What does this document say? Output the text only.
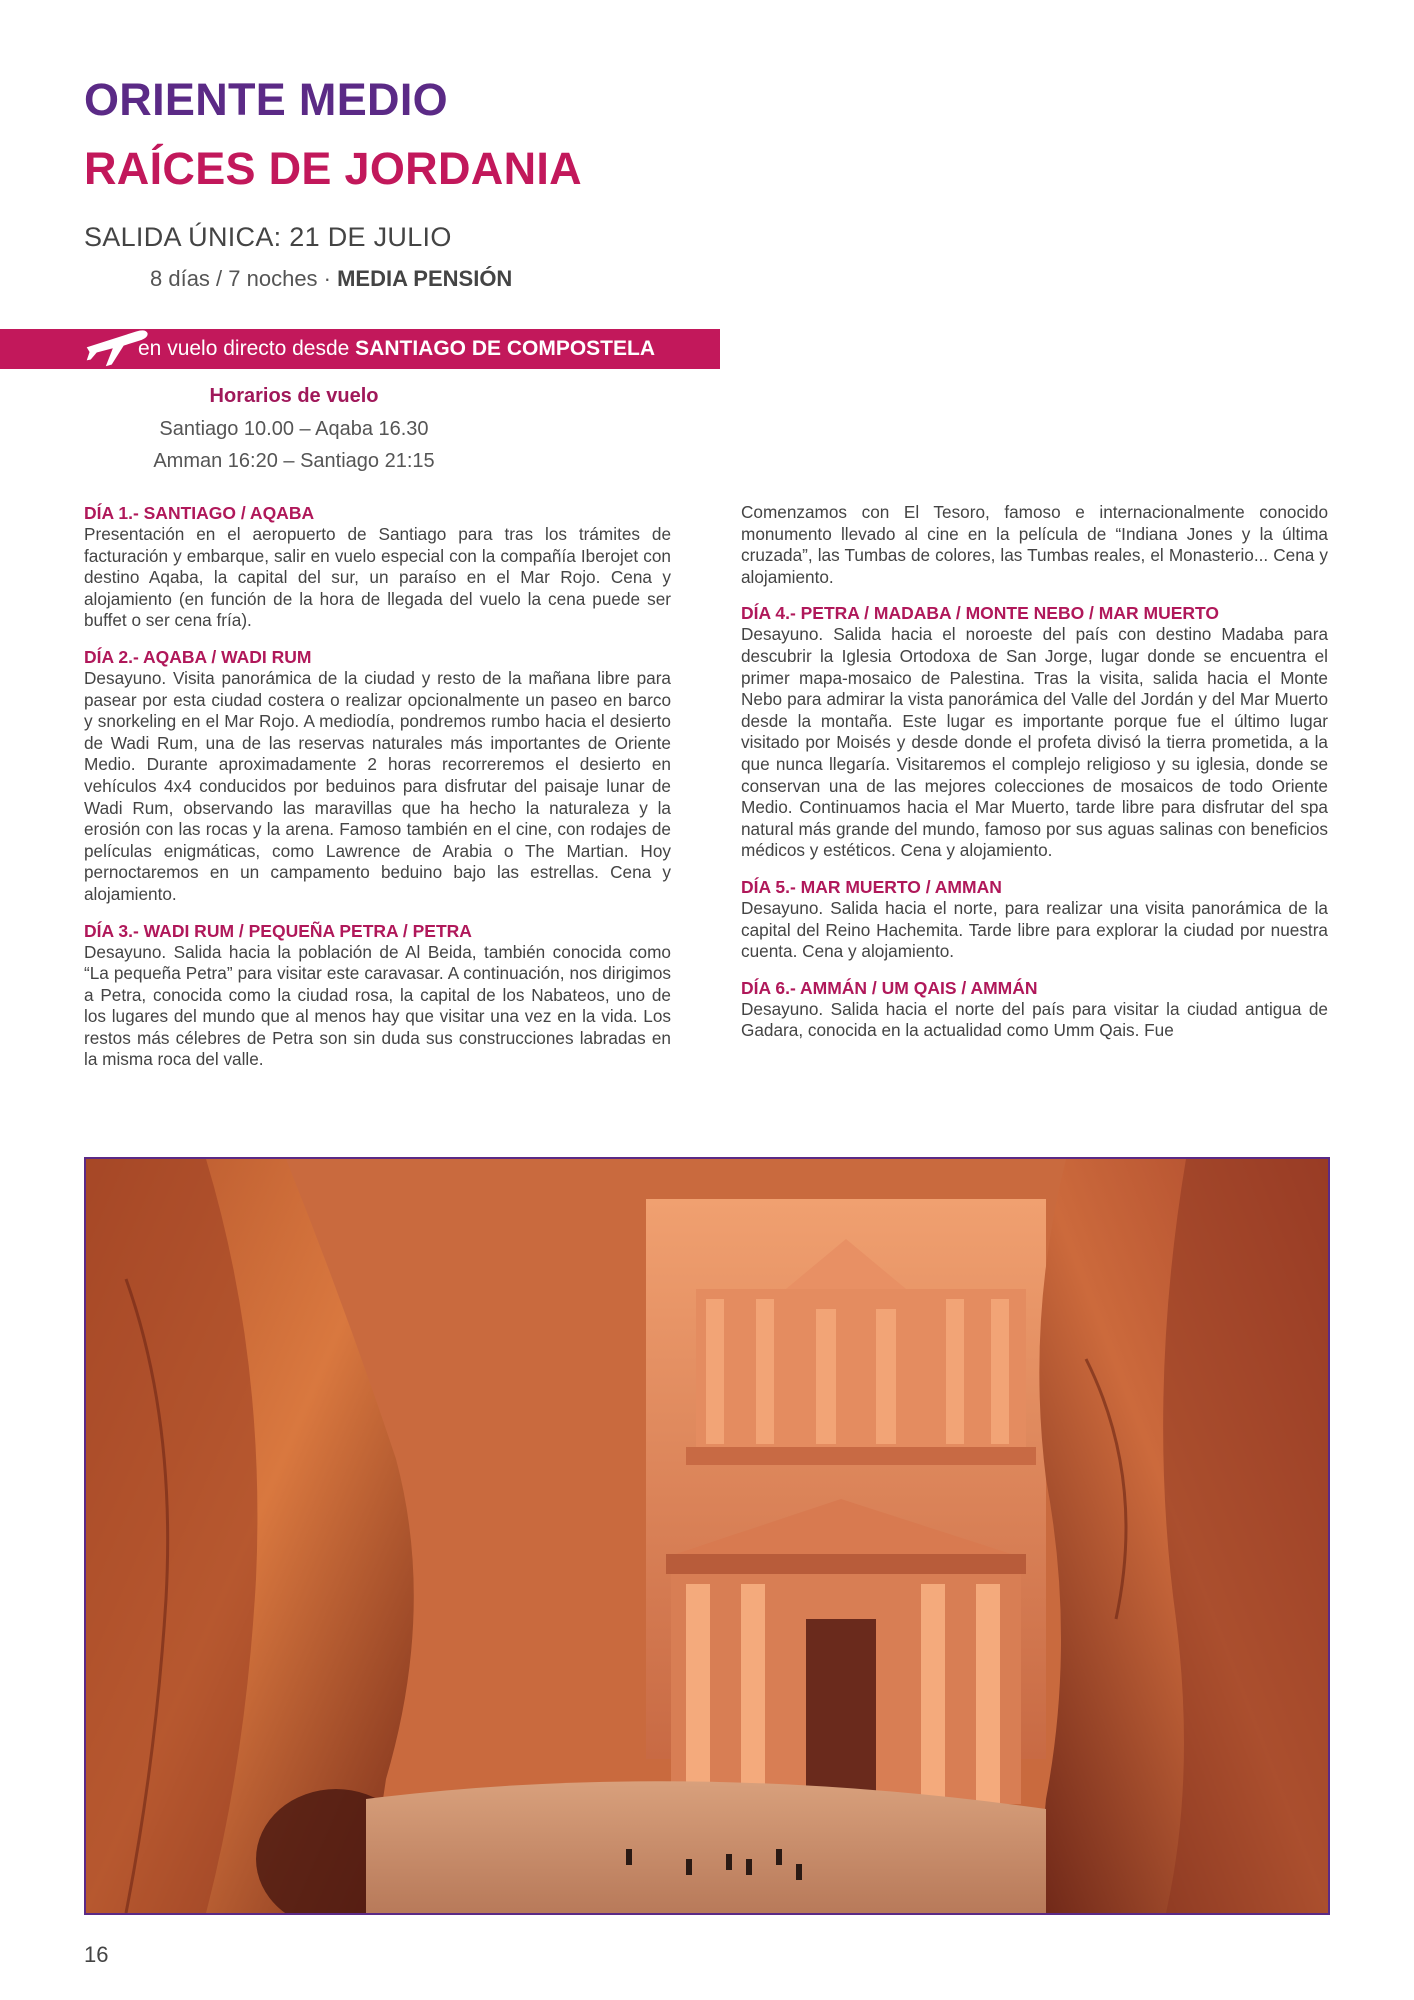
ORIENTE MEDIO
RAÍCES DE JORDANIA
SALIDA ÚNICA: 21 DE JULIO
8 días / 7 noches · MEDIA PENSIÓN
en vuelo directo desde SANTIAGO DE COMPOSTELA
Horarios de vuelo
Santiago 10.00 – Aqaba 16.30
Amman 16:20 – Santiago 21:15
DÍA 1.- SANTIAGO / AQABA

Presentación en el aeropuerto de Santiago para tras los trámites de facturación y embarque, salir en vuelo especial con la compañía Iberojet con destino Aqaba, la capital del sur, un paraíso en el Mar Rojo. Cena y alojamiento (en función de la hora de llegada del vuelo la cena puede ser buffet o ser cena fría).

DÍA 2.- AQABA / WADI RUM

Desayuno. Visita panorámica de la ciudad y resto de la mañana libre para pasear por esta ciudad costera o realizar opcionalmente un paseo en barco y snorkeling en el Mar Rojo. A mediodía, pondremos rumbo hacia el desierto de Wadi Rum, una de las reservas naturales más importantes de Oriente Medio. Durante aproximadamente 2 horas recorreremos el desierto en vehículos 4x4 conducidos por beduinos para disfrutar del paisaje lunar de Wadi Rum, observando las maravillas que ha hecho la naturaleza y la erosión con las rocas y la arena. Famoso también en el cine, con rodajes de películas enigmáticas, como Lawrence de Arabia o The Martian. Hoy pernoctaremos en un campamento beduino bajo las estrellas. Cena y alojamiento.

DÍA 3.- WADI RUM / PEQUEÑA PETRA / PETRA

Desayuno. Salida hacia la población de Al Beida, también conocida como “La pequeña Petra” para visitar este caravasar. A continuación, nos dirigimos a Petra, conocida como la ciudad rosa, la capital de los Nabateos, uno de los lugares del mundo que al menos hay que visitar una vez en la vida. Los restos más célebres de Petra son sin duda sus construcciones labradas en la misma roca del valle.

Comenzamos con El Tesoro, famoso e internacionalmente conocido monumento llevado al cine en la película de “Indiana Jones y la última cruzada”, las Tumbas de colores, las Tumbas reales, el Monasterio... Cena y alojamiento.

DÍA 4.- PETRA / MADABA / MONTE NEBO / MAR MUERTO

Desayuno. Salida hacia el noroeste del país con destino Madaba para descubrir la Iglesia Ortodoxa de San Jorge, lugar donde se encuentra el primer mapa-mosaico de Palestina. Tras la visita, salida hacia el Monte Nebo para admirar la vista panorámica del Valle del Jordán y del Mar Muerto desde la montaña. Este lugar es importante porque fue el último lugar visitado por Moisés y desde donde el profeta divisó la tierra prometida, a la que nunca llegaría. Visitaremos el complejo religioso y su iglesia, donde se conservan una de las mejores colecciones de mosaicos de todo Oriente Medio. Continuamos hacia el Mar Muerto, tarde libre para disfrutar del spa natural más grande del mundo, famoso por sus aguas salinas con beneficios médicos y estéticos. Cena y alojamiento.

DÍA 5.- MAR MUERTO / AMMAN

Desayuno. Salida hacia el norte, para realizar una visita panorámica de la capital del Reino Hachemita. Tarde libre para explorar la ciudad por nuestra cuenta. Cena y alojamiento.

DÍA 6.- AMMÁN / UM QAIS / AMMÁN

Desayuno. Salida hacia el norte del país para visitar la ciudad antigua de Gadara, conocida en la actualidad como Umm Qais. Fue

16
